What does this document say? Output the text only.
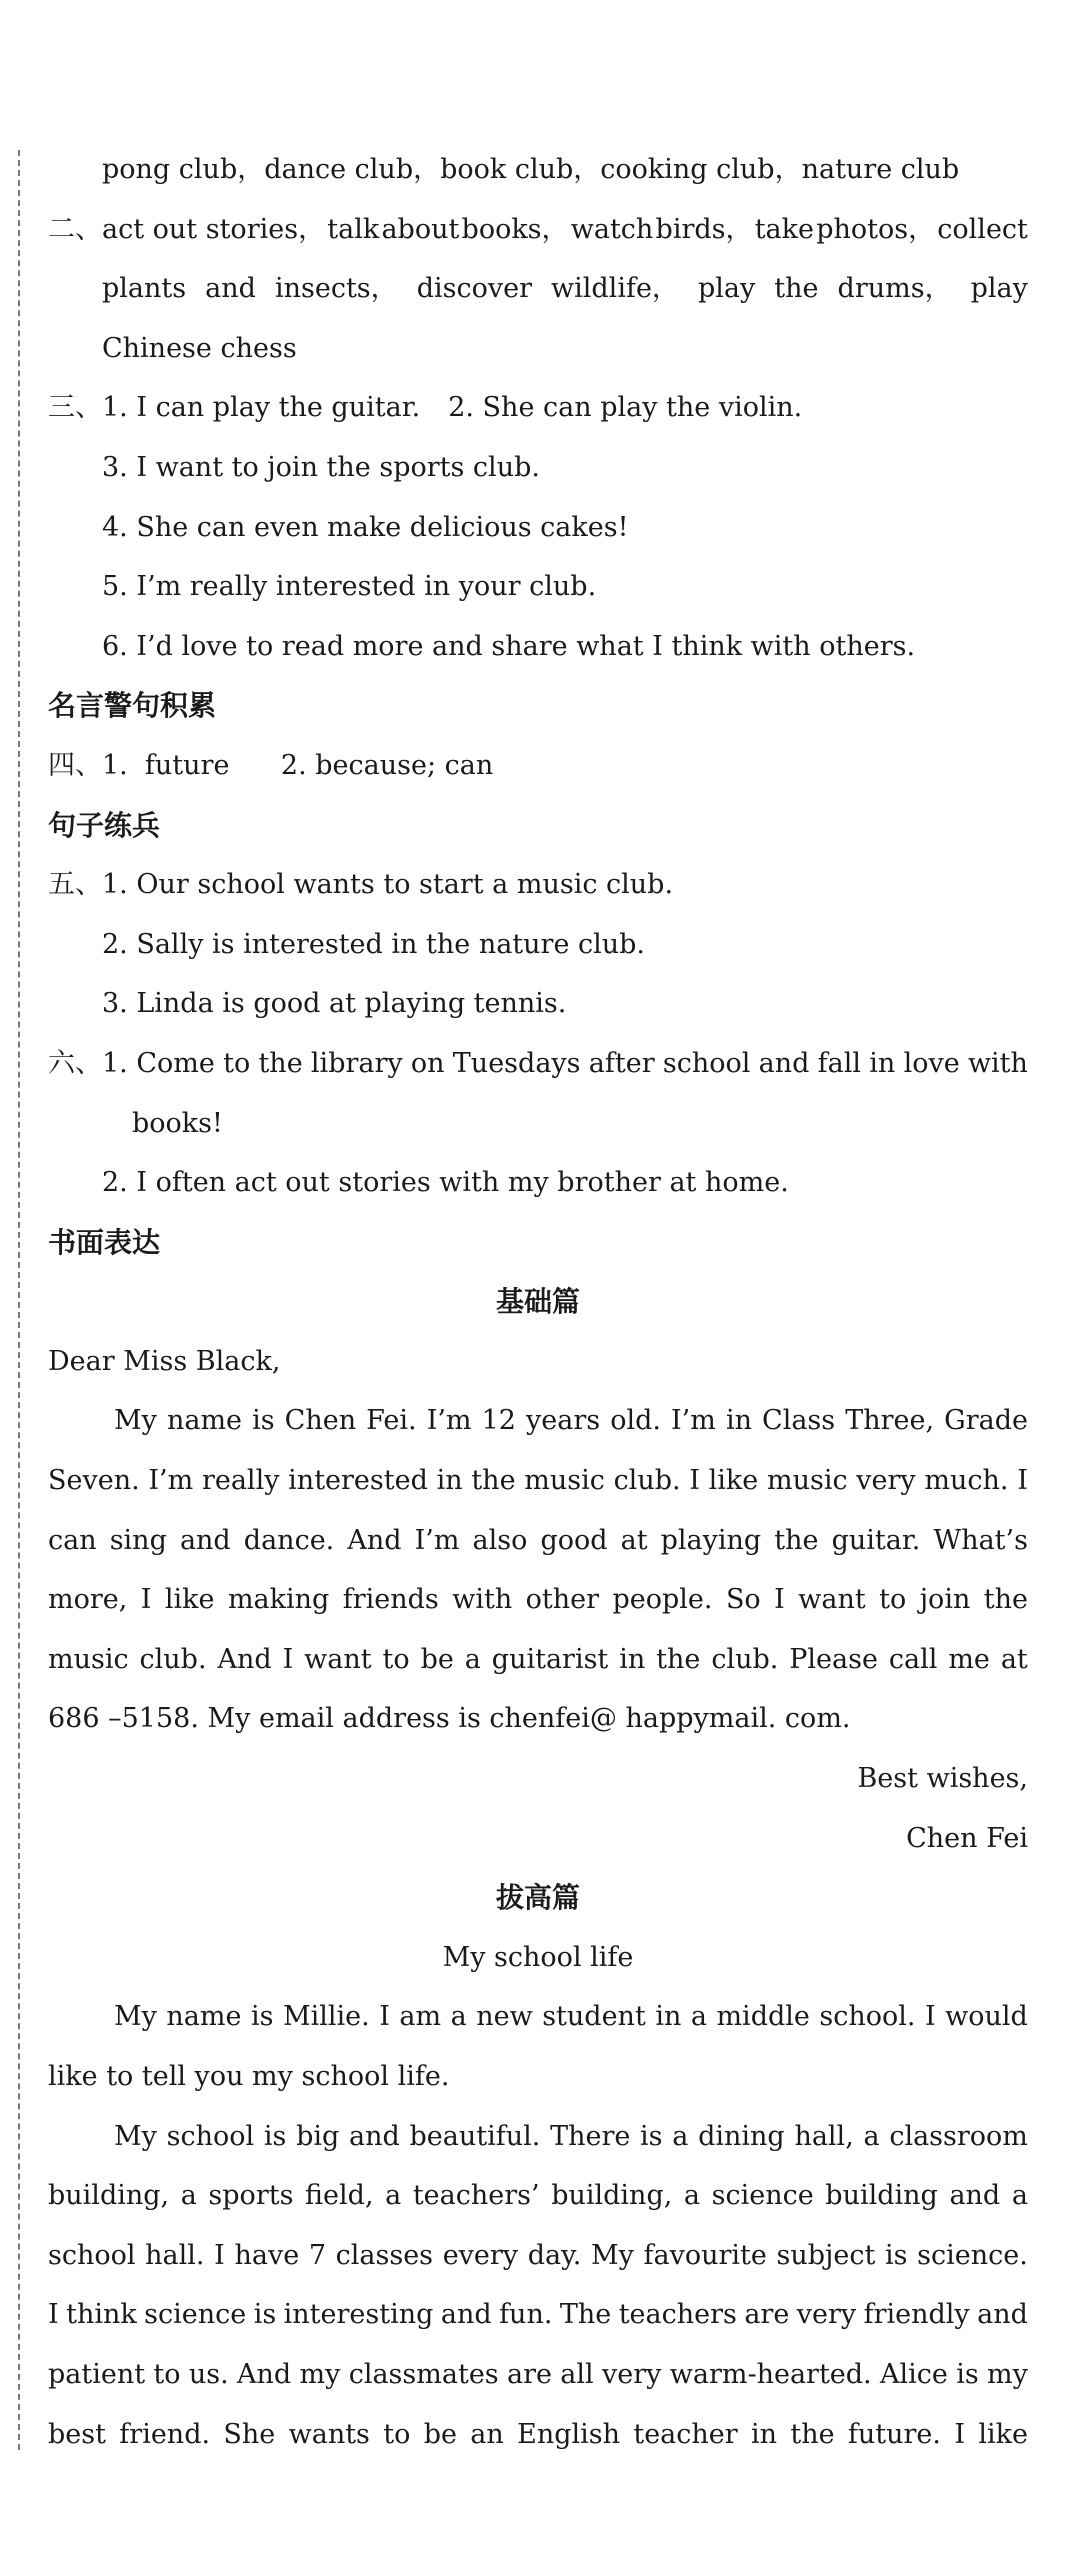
pong club，dance club，book club，cooking club，nature club
二、act out stories， talk about books， watch birds， take photos， collect
plants and insects， discover wildlife， play the drums， play
Chinese chess
三、1. I can play the guitar. 2. She can play the violin.
3. I want to join the sports club.
4. She can even make delicious cakes!
5. I’m really interested in your club.
6. I’d love to read more and share what I think with others.
名言警句积累
四、1.  future      2. because; can
句子练兵
五、1. Our school wants to start a music club.
2. Sally is interested in the nature club.
3. Linda is good at playing tennis.
六、1. Come to the library on Tuesdays after school and fall in love with
books!
2. I often act out stories with my brother at home.
书面表达
基础篇
Dear Miss Black,
My name is Chen Fei. I’m 12 years old. I’m in Class Three, Grade
Seven. I’m really interested in the music club. I like music very much. I
can sing and dance. And I’m also good at playing the guitar. What’s
more, I like making friends with other people. So I want to join the
music club. And I want to be a guitarist in the club. Please call me at
686 –5158. My email address is chenfei@ happymail. com.
Best wishes,
Chen Fei
拔高篇
My school life
My name is Millie. I am a new student in a middle school. I would
like to tell you my school life.
My school is big and beautiful. There is a dining hall, a classroom
building, a sports field, a teachers’ building, a science building and a
school hall. I have 7 classes every day. My favourite subject is science.
I think science is interesting and fun. The teachers are very friendly and
patient to us. And my classmates are all very warm-hearted. Alice is my
best friend. She wants to be an English teacher in the future. I like
